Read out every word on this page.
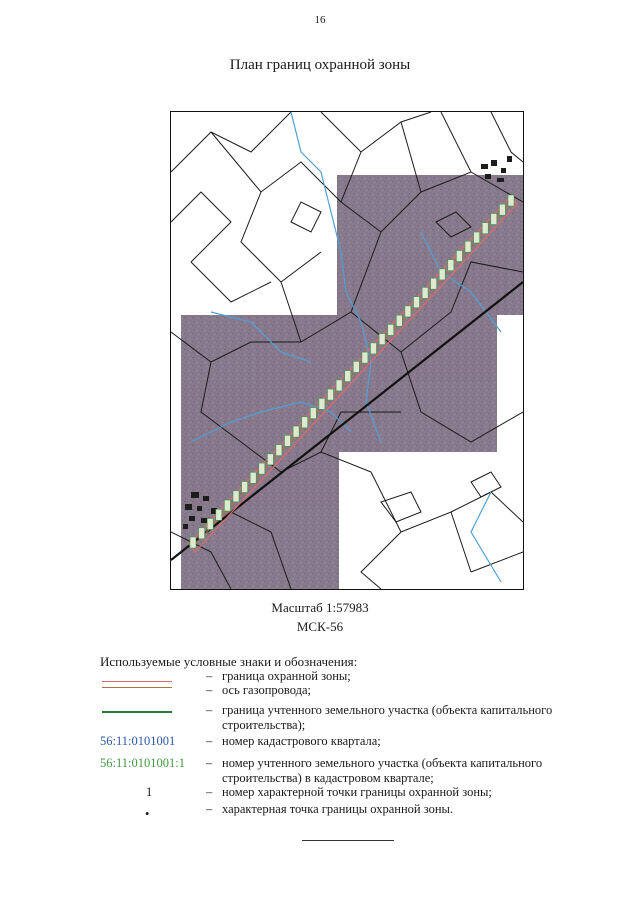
16
План границ охранной зоны
Масштаб 1:57983
МСК-56
Используемые условные знаки и обозначения:
– граница охранной зоны;
– ось газопровода;
– граница учтенного земельного участка (объекта капитального строительства);
56:11:0101001	– номер кадастрового квартала;
56:11:0101001:1	– номер учтенного земельного участка (объекта капитального строительства) в кадастровом квартале;
1	– номер характерной точки границы охранной зоны;
•	– характерная точка границы охранной зоны.
